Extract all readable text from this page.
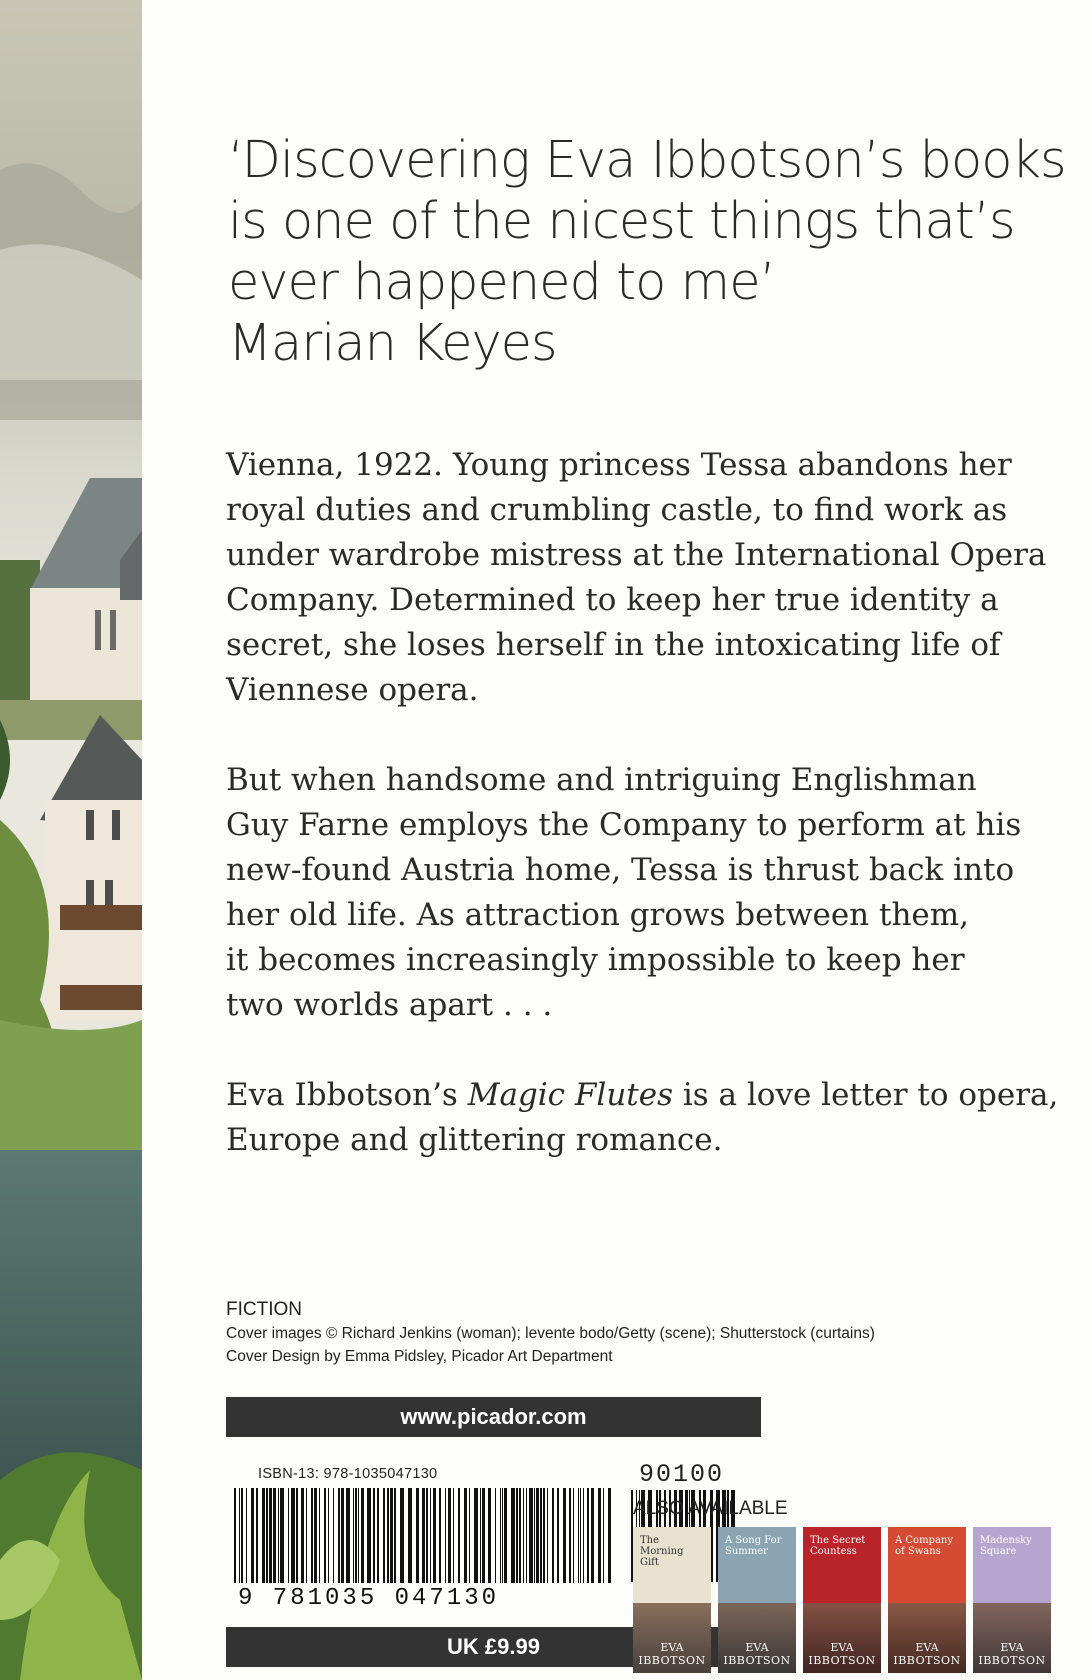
‘Discovering Eva Ibbotson’s books
is one of the nicest things that’s
ever happened to me’
Marian Keyes
Vienna, 1922. Young princess Tessa abandons her
royal duties and crumbling castle, to find work as
under wardrobe mistress at the International Opera
Company. Determined to keep her true identity a
secret, she loses herself in the intoxicating life of
Viennese opera.
But when handsome and intriguing Englishman
Guy Farne employs the Company to perform at his
new-found Austria home, Tessa is thrust back into
her old life. As attraction grows between them,
it becomes increasingly impossible to keep her
two worlds apart . . .
Eva Ibbotson’s Magic Flutes is a love letter to opera,
Europe and glittering romance.
FICTION
Cover images © Richard Jenkins (woman); levente bodo/Getty (scene); Shutterstock (curtains)
Cover Design by Emma Pidsley, Picador Art Department
www.picador.com
ISBN-13: 978-1035047130	90100
9 781035 047130
UK £9.99
ALSO AVAILABLE
The Morning Gift
EVA
IBBOTSON
A Song For Summer
EVA
IBBOTSON
The Secret Countess
EVA
IBBOTSON
A Company of Swans
EVA
IBBOTSON
Madensky Square
EVA
IBBOTSON
